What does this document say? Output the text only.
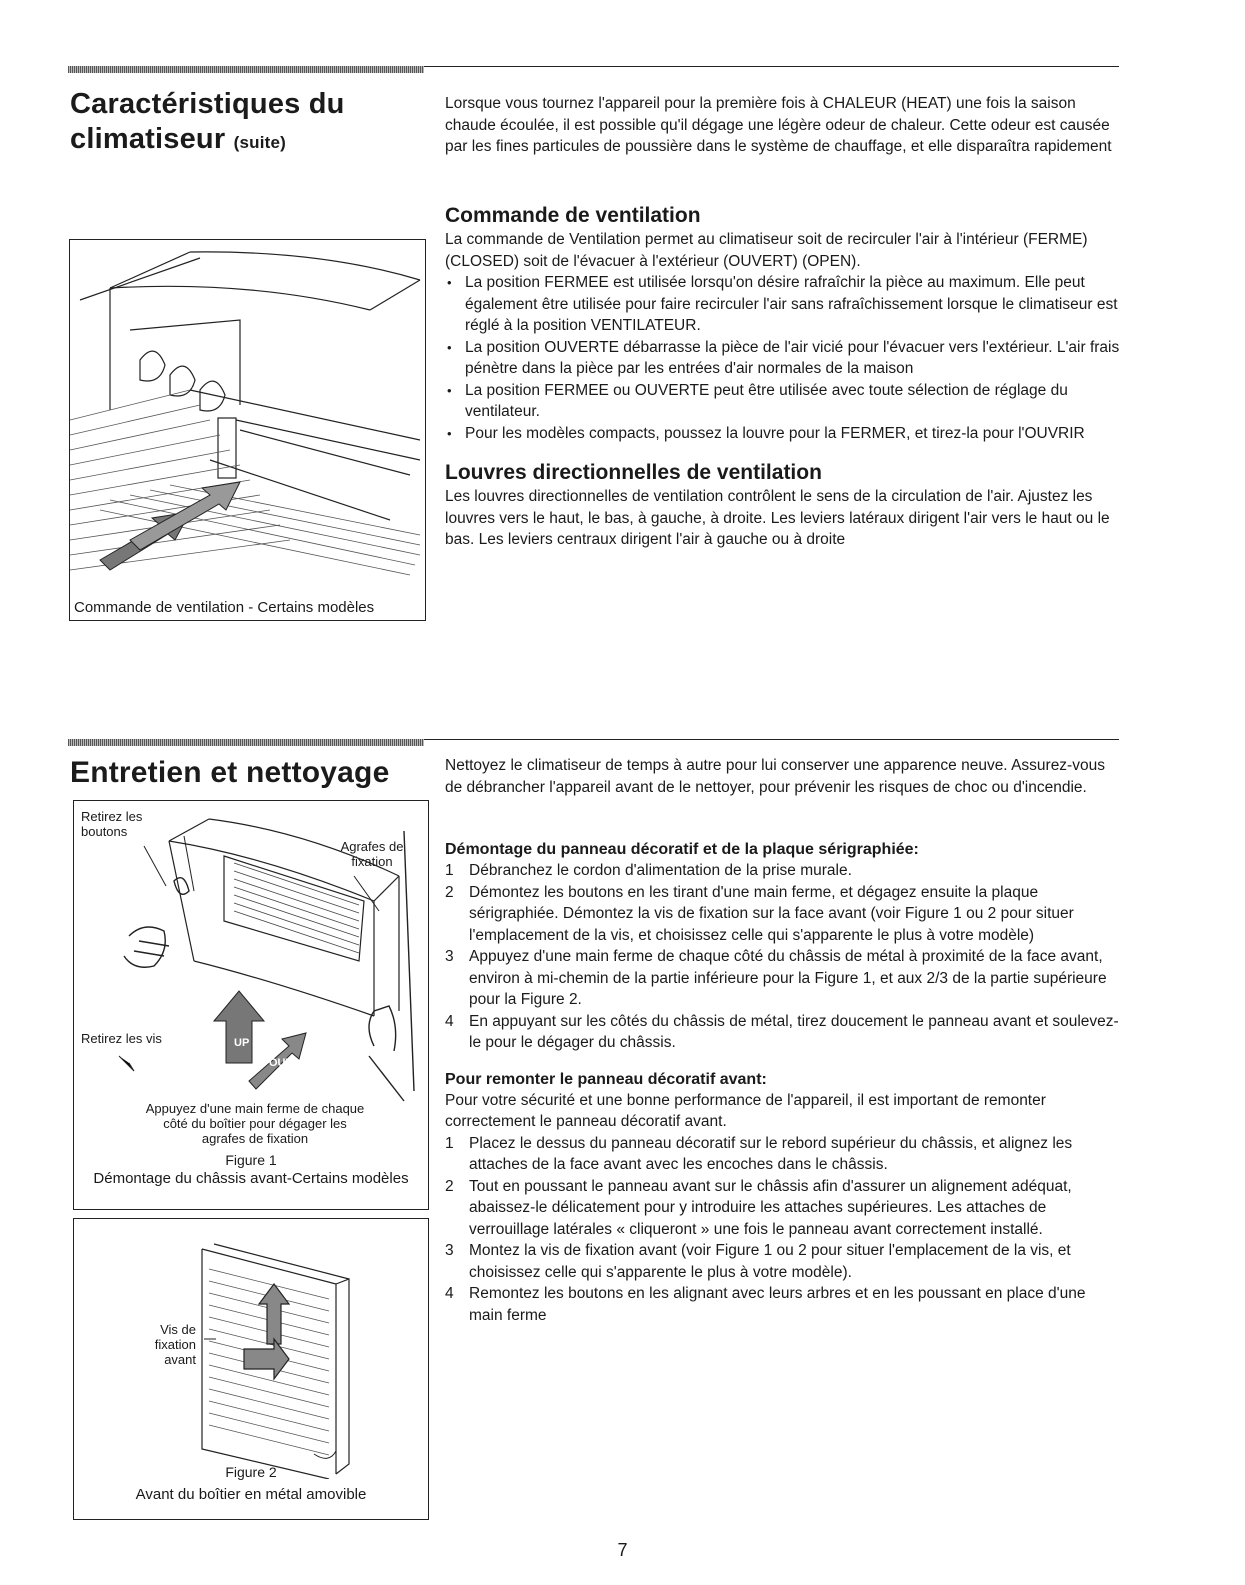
Caractéristiques du
climatiseur (suite)
Lorsque vous tournez l'appareil pour la première fois à CHALEUR (HEAT) une fois la saison chaude écoulée, il est possible qu'il dégage une légère odeur de chaleur. Cette odeur est causée par les fines particules de poussière dans le système de chauffage, et elle disparaîtra rapidement
Commande de ventilation - Certains modèles
Commande de ventilation
La commande de Ventilation permet au climatiseur soit de recirculer l'air à l'intérieur (FERME) (CLOSED) soit de l'évacuer à l'extérieur (OUVERT) (OPEN).
• La position FERMEE est utilisée lorsqu'on désire rafraîchir la pièce au maximum. Elle peut également être utilisée pour faire recirculer l'air sans rafraîchissement lorsque le climatiseur est réglé à la position VENTILATEUR.
• La position OUVERTE débarrasse la pièce de l'air vicié pour l'évacuer vers l'extérieur. L'air frais pénètre dans la pièce par les entrées d'air normales de la maison
• La position FERMEE ou OUVERTE peut être utilisée avec toute sélection de réglage du ventilateur.
• Pour les modèles compacts, poussez la louvre pour la FERMER, et tirez-la pour l'OUVRIR
Louvres directionnelles de ventilation
Les louvres directionnelles de ventilation contrôlent le sens de la circulation de l'air. Ajustez les louvres vers le haut, le bas, à gauche, à droite. Les leviers latéraux dirigent l'air vers le haut ou le bas. Les leviers centraux dirigent l'air à gauche ou à droite
Entretien et nettoyage	Nettoyez le climatiseur de temps à autre pour lui conserver une apparence neuve. Assurez-vous de débrancher l'appareil avant de le nettoyer, pour prévenir les risques de choc ou d'incendie.
UP
OUT
Retirez les boutons
Agrafes de fixation
Retirez les vis
Appuyez d'une main ferme de chaque côté du boîtier pour dégager les agrafes de fixation
Figure 1
Démontage du châssis avant-Certains modèles
Vis de fixation avant
Figure 2
Avant du boîtier en métal amovible
Démontage du panneau décoratif et de la plaque sérigraphiée:
1 Débranchez le cordon d'alimentation de la prise murale.
2 Démontez les boutons en les tirant d'une main ferme, et dégagez ensuite la plaque sérigraphiée. Démontez la vis de fixation sur la face avant (voir Figure 1 ou 2 pour situer l'emplacement de la vis, et choisissez celle qui s'apparente le plus à votre modèle)
3 Appuyez d'une main ferme de chaque côté du châssis de métal à proximité de la face avant, environ à mi-chemin de la partie inférieure pour la Figure 1, et aux 2/3 de la partie supérieure pour la Figure 2.
4 En appuyant sur les côtés du châssis de métal, tirez doucement le panneau avant et soulevez-le pour le dégager du châssis.
Pour remonter le panneau décoratif avant:
Pour votre sécurité et une bonne performance de l'appareil, il est important de remonter correctement le panneau décoratif avant.
1 Placez le dessus du panneau décoratif sur le rebord supérieur du châssis, et alignez les attaches de la face avant avec les encoches dans le châssis.
2 Tout en poussant le panneau avant sur le châssis afin d'assurer un alignement adéquat, abaissez-le délicatement pour y introduire les attaches supérieures. Les attaches de verrouillage latérales « cliqueront » une fois le panneau avant correctement installé.
3 Montez la vis de fixation avant (voir Figure 1 ou 2 pour situer l'emplacement de la vis, et choisissez celle qui s'apparente le plus à votre modèle).
4 Remontez les boutons en les alignant avec leurs arbres et en les poussant en place d'une main ferme
7
